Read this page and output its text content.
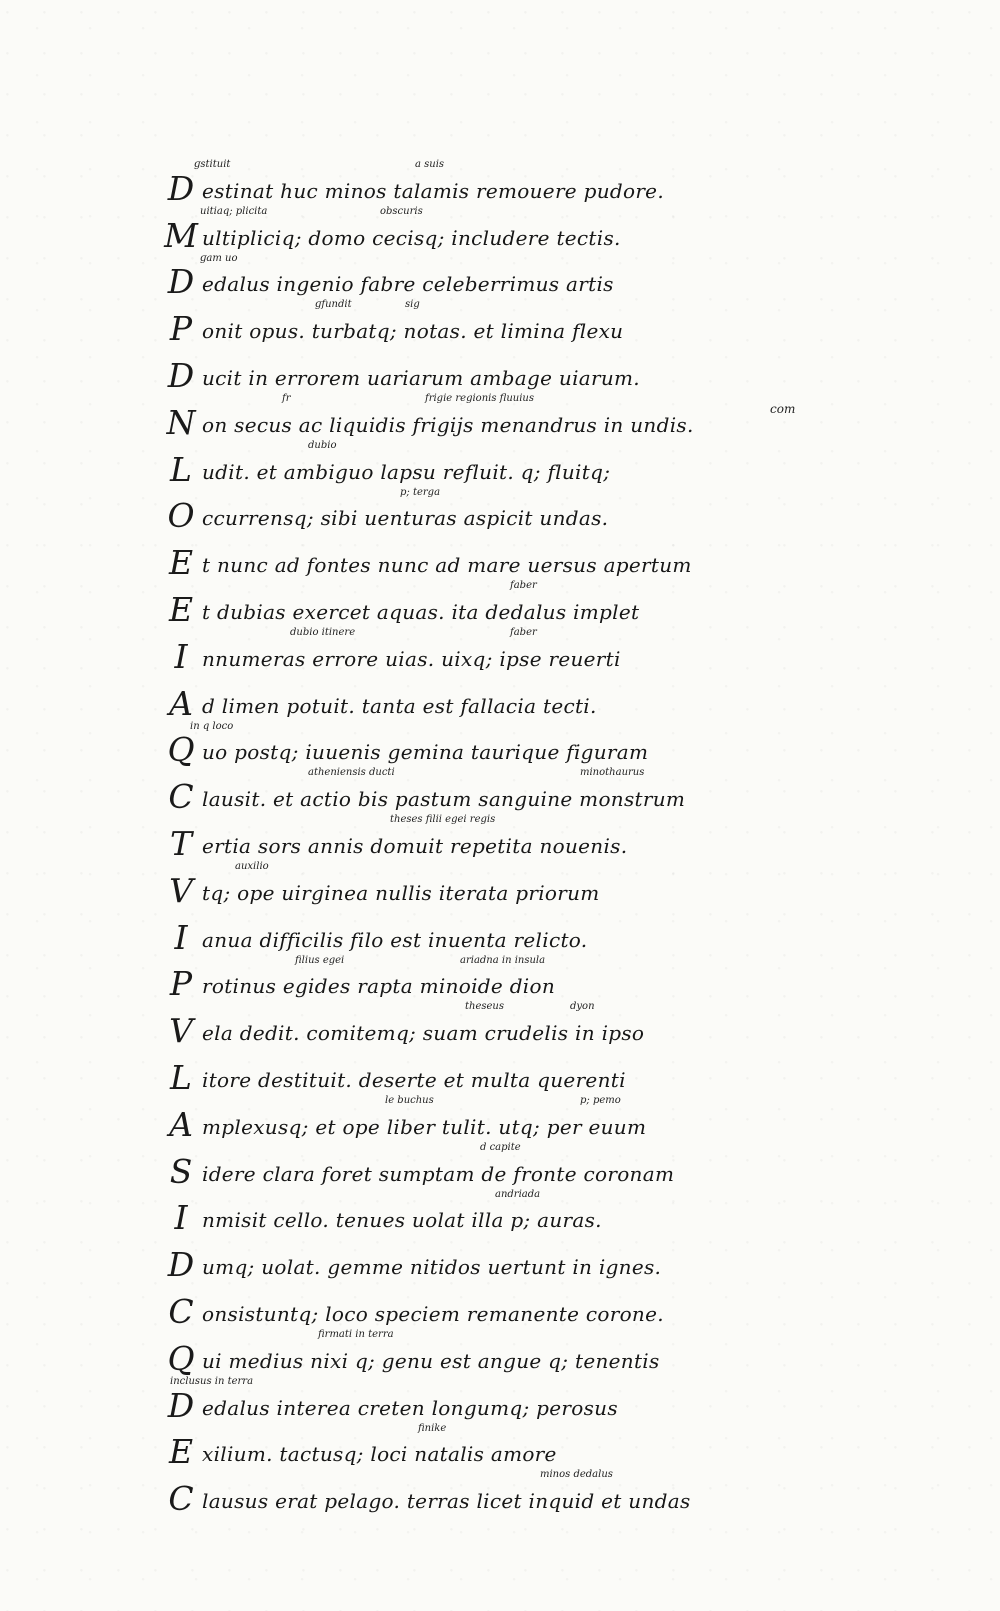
ɡstituit	a suis
D estinat huc minos talamis remouere pudore.
uitiaq; plicita	obscuris
M ultipliciq; domo cecisq; includere tectis.
ɡam uo
D edalus ingenio fabre celeberrimus artis
ɡfundit	sig
P onit opus. turbatq; notas. et limina flexu
D ucit in errorem uariarum ambage uiarum.
fr	frigie regionis fluuius
N on secus ac liquidis frigijs menandrus in undis.
dubio
L udit. et ambiguo lapsu refluit. q; fluitq;
p; terga
O ccurrensq; sibi uenturas aspicit undas.
E t nunc ad fontes nunc ad mare uersus apertum
faber
E t dubias exercet aquas. ita dedalus implet
dubio itinere	faber
I nnumeras errore uias. uixq; ipse reuerti
A d limen potuit. tanta est fallacia tecti.
in q loco
Q uo postq; iuuenis gemina taurique figuram
atheniensis ducti	minothaurus
C lausit. et actio bis pastum sanguine monstrum
theses filii egei regis
T ertia sors annis domuit repetita nouenis.
auxilio
V tq; ope uirginea nullis iterata priorum
I anua difficilis filo est inuenta relicto.
filius egei	ariadna in insula
P rotinus egides rapta minoide dion
theseus	dyon
V ela dedit. comitemq; suam crudelis in ipso
L itore destituit. deserte et multa querenti
le buchus	p; pemo
A mplexusq; et ope liber tulit. utq; per euum
d capite
S idere clara foret sumptam de fronte coronam
andriada
I nmisit cello. tenues uolat illa p; auras.
D umq; uolat. gemme nitidos uertunt in ignes.
C onsistuntq; loco speciem remanente corone.
firmati in terra
Q ui medius nixi q; genu est angue q; tenentis
inclusus in terra
D edalus interea creten longumq; perosus
finike
E xilium. tactusq; loci natalis amore
minos dedalus
C lausus erat pelago. terras licet inquid et undas
com
